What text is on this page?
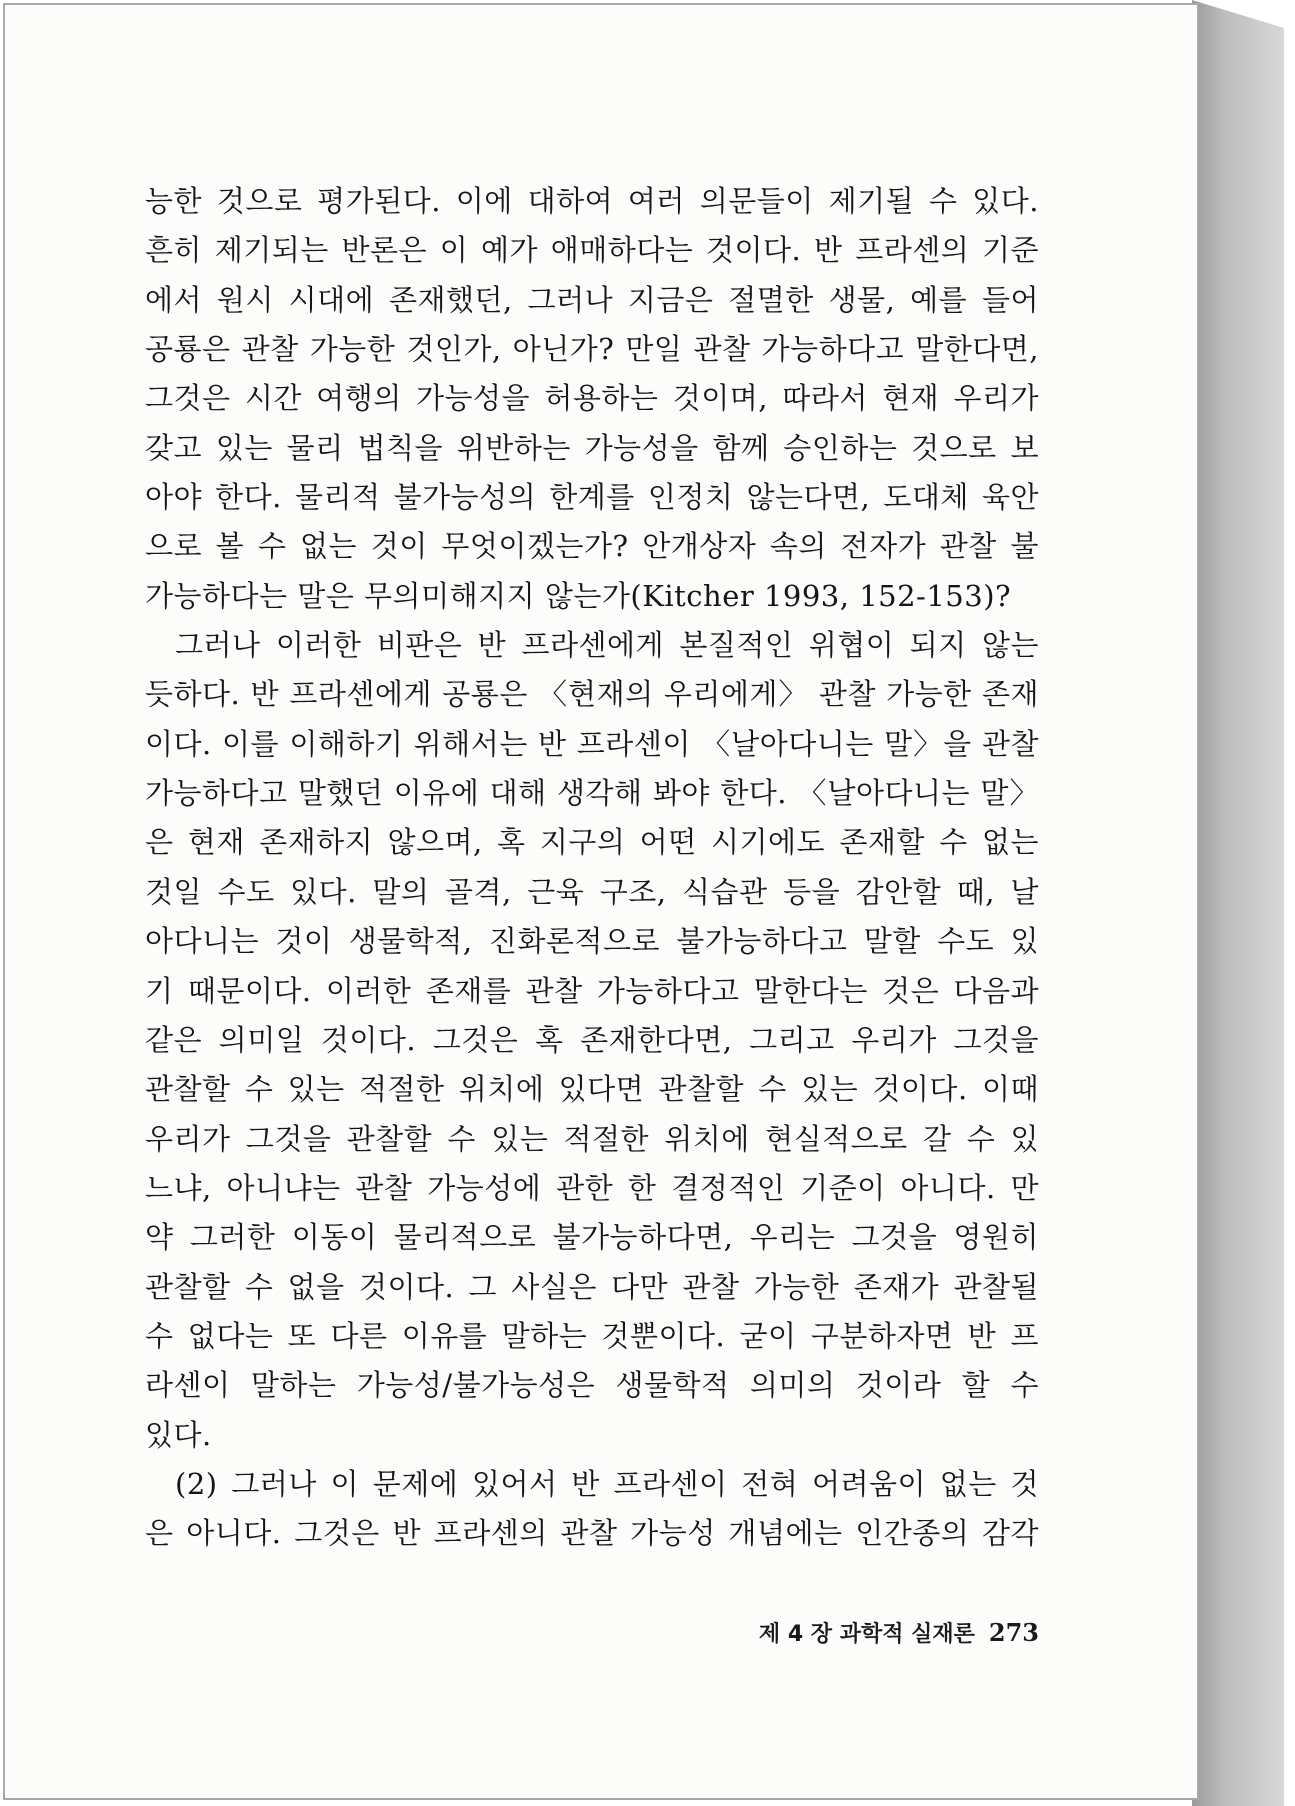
능한 것으로 평가된다. 이에 대하여 여러 의문들이 제기될 수 있다.
흔히 제기되는 반론은 이 예가 애매하다는 것이다. 반 프라센의 기준
에서 원시 시대에 존재했던, 그러나 지금은 절멸한 생물, 예를 들어
공룡은 관찰 가능한 것인가, 아닌가? 만일 관찰 가능하다고 말한다면,
그것은 시간 여행의 가능성을 허용하는 것이며, 따라서 현재 우리가
갖고 있는 물리 법칙을 위반하는 가능성을 함께 승인하는 것으로 보
아야 한다. 물리적 불가능성의 한계를 인정치 않는다면, 도대체 육안
으로 볼 수 없는 것이 무엇이겠는가? 안개상자 속의 전자가 관찰 불
가능하다는 말은 무의미해지지 않는가(Kitcher 1993, 152-153)?
그러나 이러한 비판은 반 프라센에게 본질적인 위협이 되지 않는
듯하다. 반 프라센에게 공룡은 〈현재의 우리에게〉 관찰 가능한 존재
이다. 이를 이해하기 위해서는 반 프라센이 〈날아다니는 말〉을 관찰
가능하다고 말했던 이유에 대해 생각해 봐야 한다. 〈날아다니는 말〉
은 현재 존재하지 않으며, 혹 지구의 어떤 시기에도 존재할 수 없는
것일 수도 있다. 말의 골격, 근육 구조, 식습관 등을 감안할 때, 날
아다니는 것이 생물학적, 진화론적으로 불가능하다고 말할 수도 있
기 때문이다. 이러한 존재를 관찰 가능하다고 말한다는 것은 다음과
같은 의미일 것이다. 그것은 혹 존재한다면, 그리고 우리가 그것을
관찰할 수 있는 적절한 위치에 있다면 관찰할 수 있는 것이다. 이때
우리가 그것을 관찰할 수 있는 적절한 위치에 현실적으로 갈 수 있
느냐, 아니냐는 관찰 가능성에 관한 한 결정적인 기준이 아니다. 만
약 그러한 이동이 물리적으로 불가능하다면, 우리는 그것을 영원히
관찰할 수 없을 것이다. 그 사실은 다만 관찰 가능한 존재가 관찰될
수 없다는 또 다른 이유를 말하는 것뿐이다. 굳이 구분하자면 반 프
라센이 말하는 가능성/불가능성은 생물학적 의미의 것이라 할 수
있다.
(2) 그러나 이 문제에 있어서 반 프라센이 전혀 어려움이 없는 것
은 아니다. 그것은 반 프라센의 관찰 가능성 개념에는 인간종의 감각
제 4 장 과학적 실재론 273
